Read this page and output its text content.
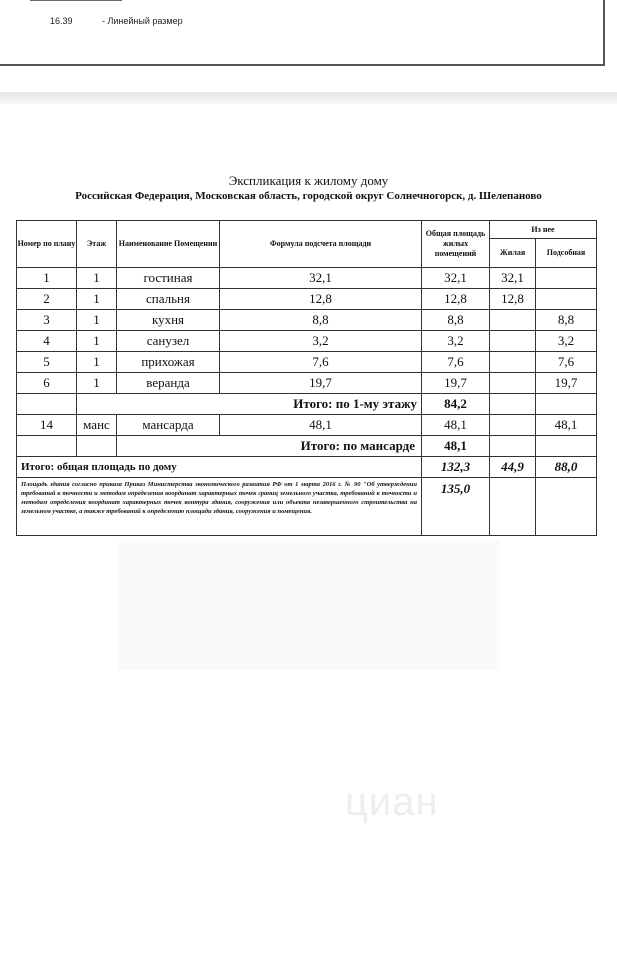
16.39	- Линейный размер
Экспликация к жилому дому
Российская Федерация, Московская область, городской округ Солнечногорск, д. Шелепаново
Номер по плану	Этаж	Наименование Помещении	Формула подсчета площади	Общая площадь жилых помещений	Из нее	
					Жилая	Подсобная
1	1	гостиная	32,1	32,1	32,1	
2	1	спальня	12,8	12,8	12,8	
3	1	кухня	8,8	8,8		8,8
4	1	санузел	3,2	3,2		3,2
5	1	прихожая	7,6	7,6		7,6
6	1	веранда	19,7	19,7		19,7
	Итого: по 1-му этажу			84,2		
14	манс	мансарда	48,1	48,1		48,1
		Итого: по мансарде		48,1		
Итого: общая площадь по дому				132,3	44,9	88,0
Площадь здания согласно приказа Приказ Министерства экономического развития РФ от 1 марта 2016 г. № 90 "Об утверждении требований к точности и методам определения координат характерных точек границ земельного участка, требований к точности и методам определения координат характерных точек контура здания, сооружения или объекта незавершенного строительства на земельном участке, а также требований к определению площади здания, сооружения и помещения.				135,0		
циан
